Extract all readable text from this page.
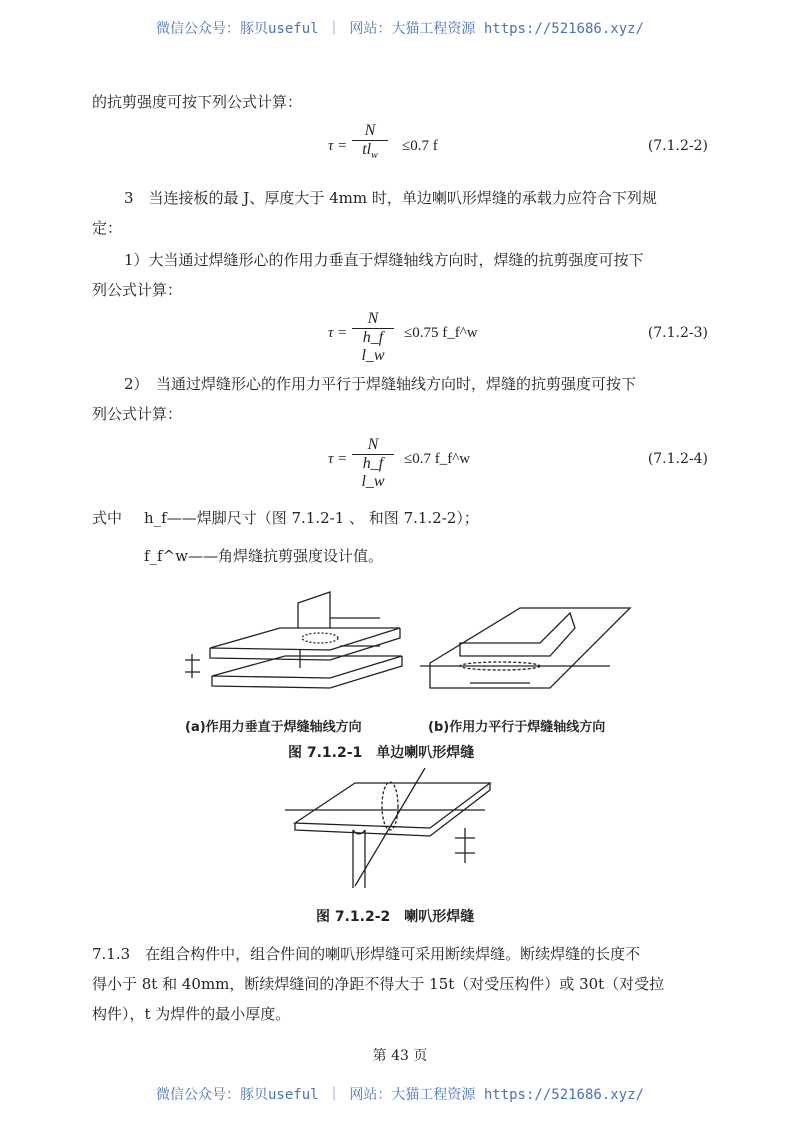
微信公众号：豚贝useful ｜ 网站：大猫工程资源 https://521686.xyz/
的抗剪强度可按下列公式计算：
τ =
N
$tl_w$
≤0.7 f	(7.1.2-2)
3　当连接板的最 J、厚度大于 4mm 时，单边喇叭形焊缝的承载力应符合下列规
定：
1）大当通过焊缝形心的作用力垂直于焊缝轴线方向时，焊缝的抗剪强度可按下
列公式计算：
$\tau = \frac{N}{\text{h\_f l\_w}} \le 0.75$ f_f^w	(7.1.2-3)
2）　当通过焊缝形心的作用力平行于焊缝轴线方向时，焊缝的抗剪强度可按下
列公式计算：
$\tau = \frac{N}{\text{h\_f l\_w}} \le 0.7$ f_f^w	(7.1.2-4)
式中 h_f——焊脚尺寸（图 7.1.2-1 、 和图 7.1.2-2）；
f_f^w——角焊缝抗剪强度设计值。
(a)作用力垂直于焊缝轴线方向	(b)作用力平行于焊缝轴线方向
图 7.1.2-1　单边喇叭形焊缝
图 7.1.2-2　喇叭形焊缝
7.1.3　在组合构件中，组合件间的喇叭形焊缝可采用断续焊缝。断续焊缝的长度不
得小于 8t 和 40mm，断续焊缝间的净距不得大于 15t（对受压构件）或 30t（对受拉
构件），t 为焊件的最小厚度。
第 43 页
微信公众号：豚贝useful ｜ 网站：大猫工程资源 https://521686.xyz/
